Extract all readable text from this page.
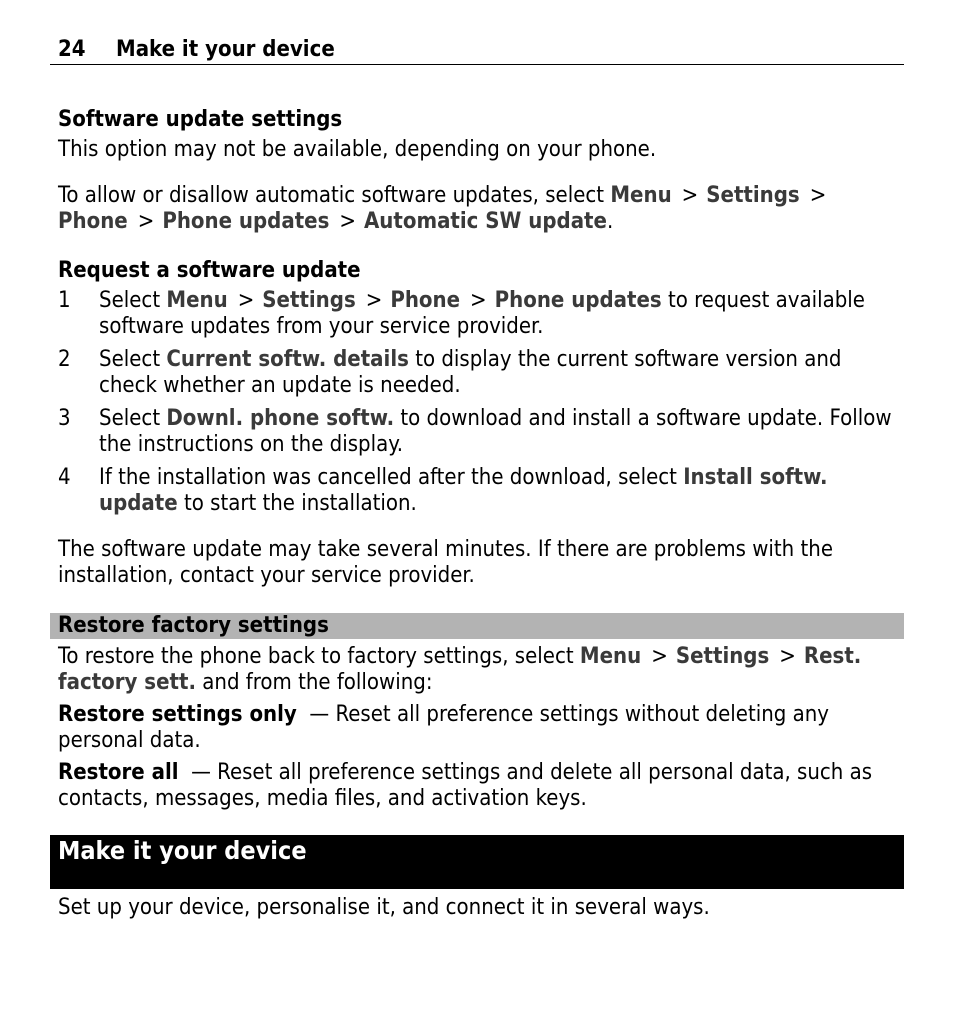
24 Make it your device
Software update settings
This option may not be available, depending on your phone.
To allow or disallow automatic software updates, select Menu > Settings >
Phone > Phone updates > Automatic SW update.
Request a software update
1 Select Menu > Settings > Phone > Phone updates to request available software updates from your service provider.
2 Select Current softw. details to display the current software version and check whether an update is needed.
3 Select Downl. phone softw. to download and install a software update. Follow the instructions on the display.
4 If the installation was cancelled after the download, select Install softw. update to start the installation.
The software update may take several minutes. If there are problems with the installation, contact your service provider.
Restore factory settings
To restore the phone back to factory settings, select Menu > Settings > Rest. factory sett. and from the following:
Restore settings only — Reset all preference settings without deleting any personal data.
Restore all — Reset all preference settings and delete all personal data, such as contacts, messages, media files, and activation keys.
Make it your device
Set up your device, personalise it, and connect it in several ways.
